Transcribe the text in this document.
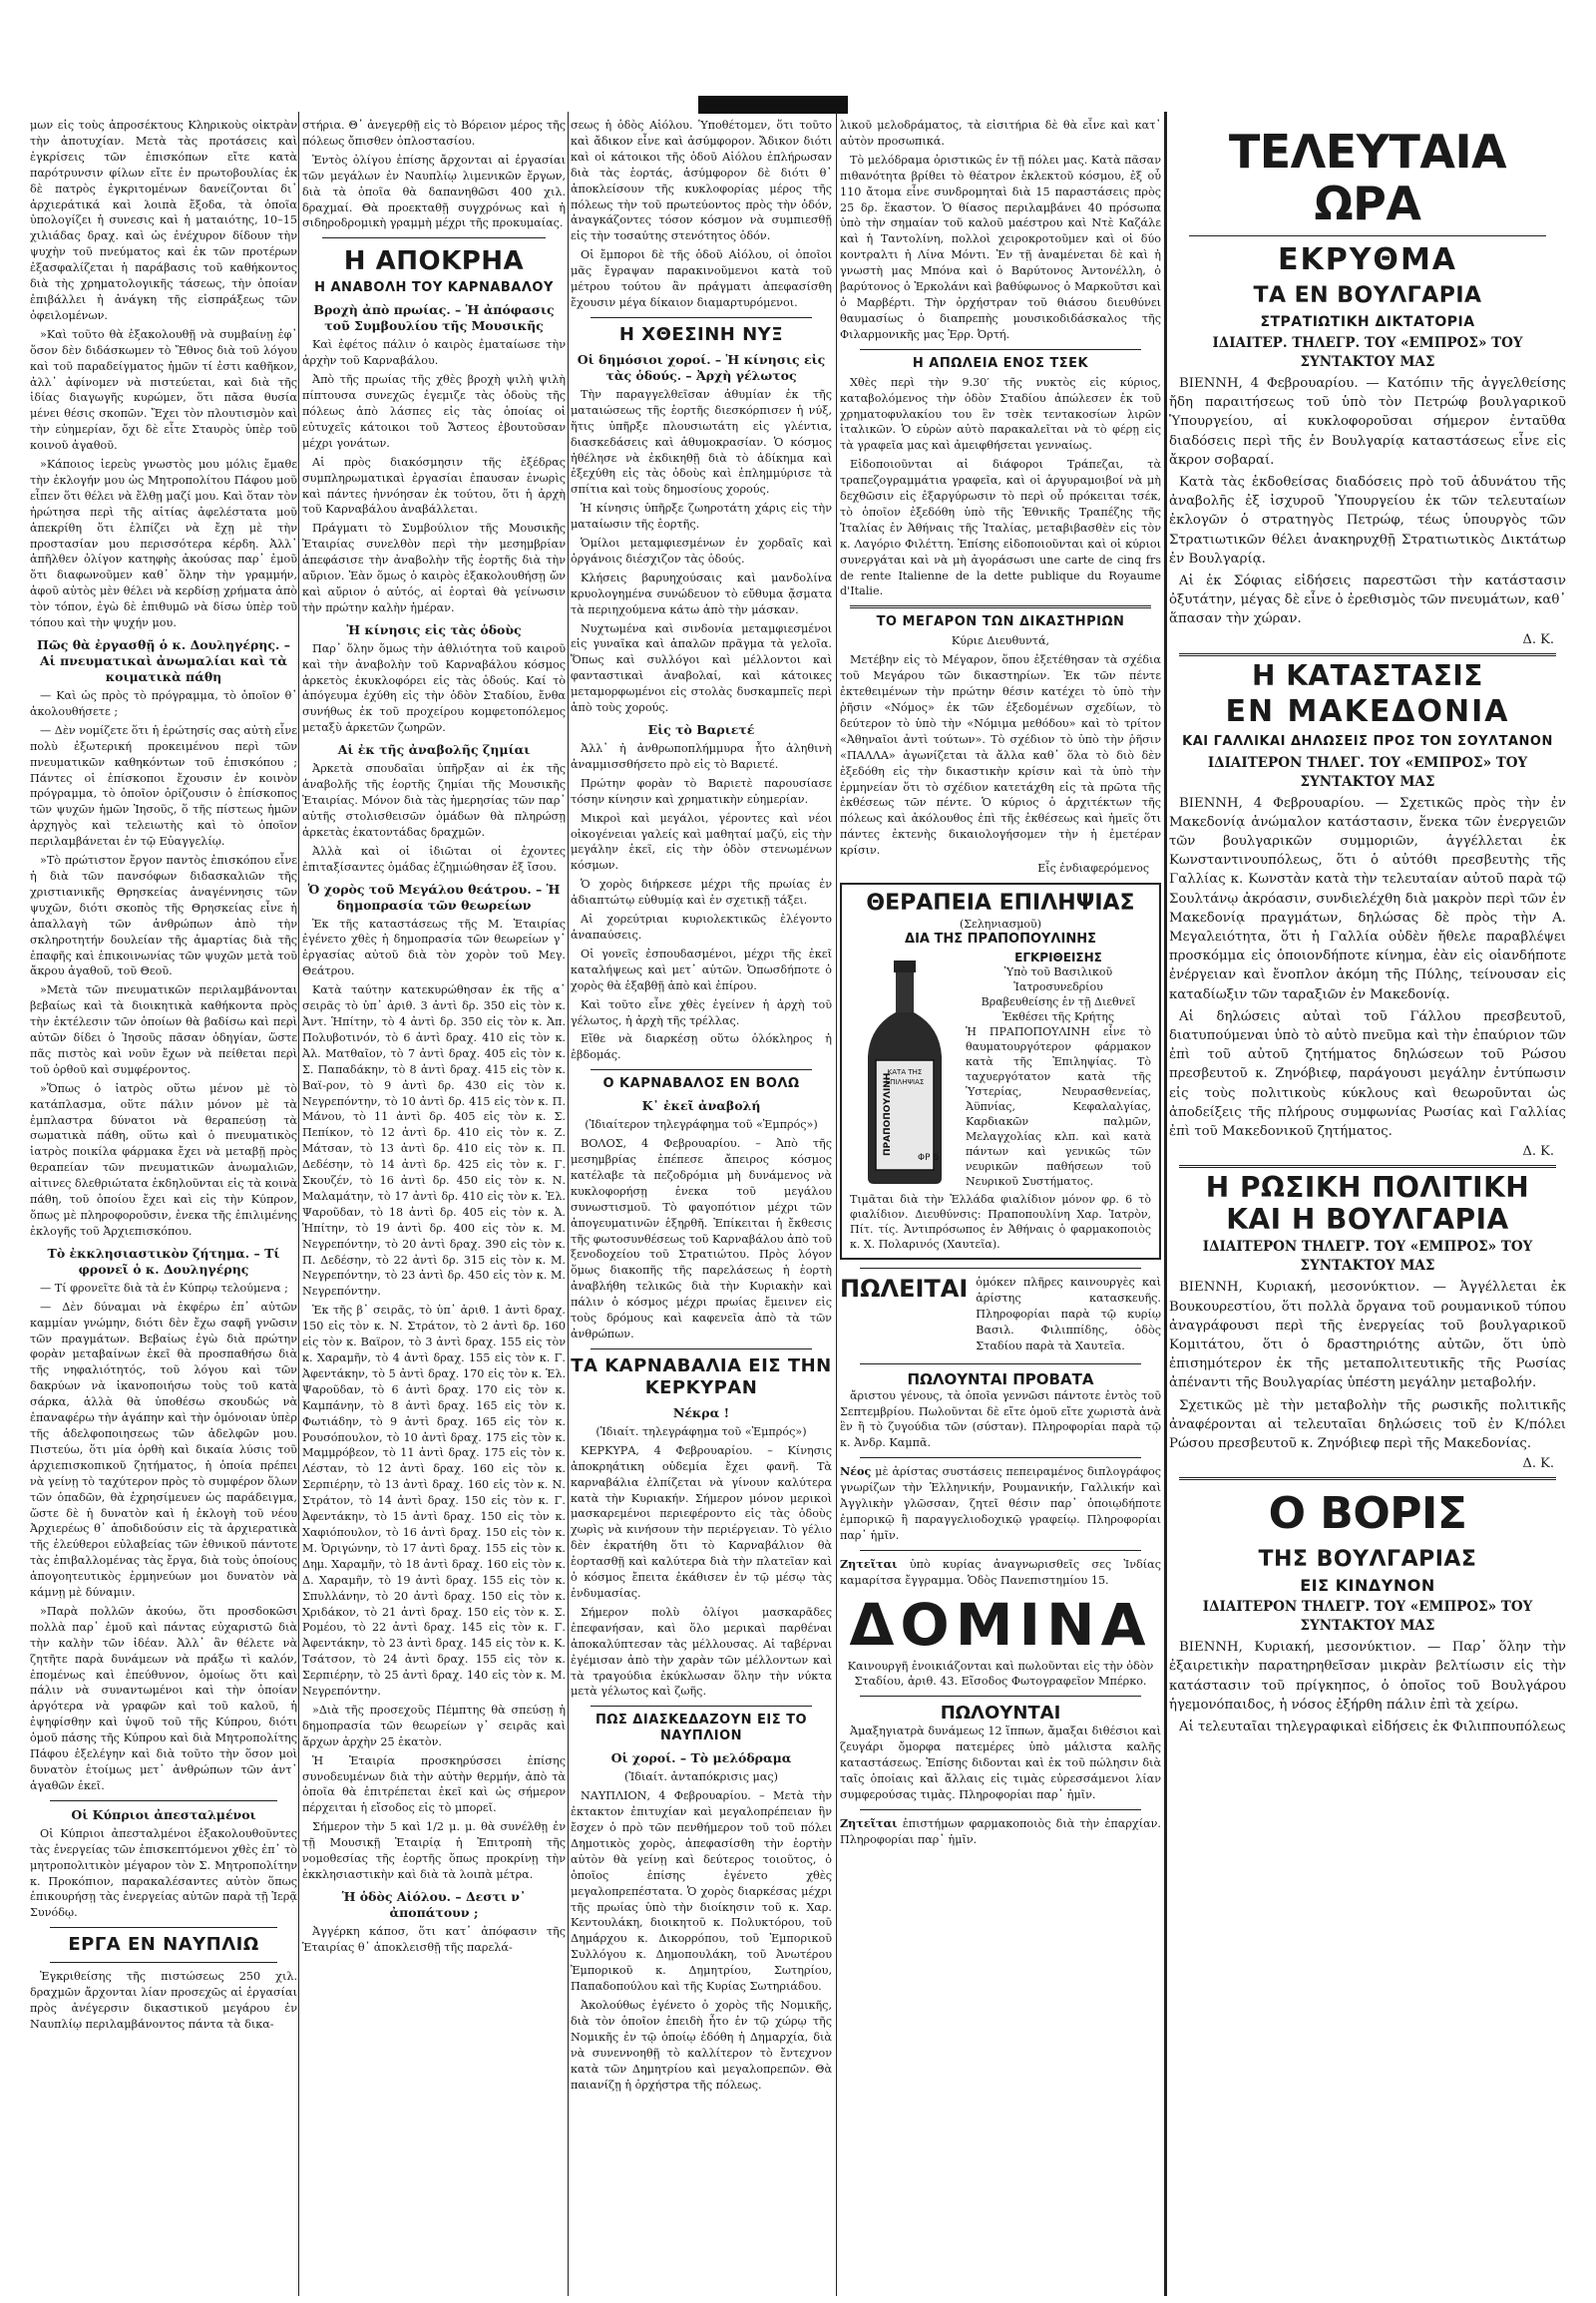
μων εἰς τοὺς ἀπροσέκτους Κληρικοὺς οἰκτρὰν τὴν ἀποτυχίαν. Μετὰ τὰς προτάσεις καὶ ἐγκρίσεις τῶν ἐπισκόπων εἴτε κατὰ παρότρυνσιν φίλων εἴτε ἐν πρωτοβουλίας ἐκ δὲ πατρὸς ἐγκριτομένων δανείζονται δι᾽ ἀρχιεράτικά καὶ λοιπὰ ἔξοδα, τὰ ὁποῖα ὑπολογίζει ἡ συνεσις καὶ ἡ ματαιότης, 10–15 χιλιάδας δραχ. καὶ ὡς ἐνέχυρον δίδουν τὴν ψυχὴν τοῦ πνεύματος καὶ ἐκ τῶν προτέρων ἐξασφαλίζεται ἡ παράβασις τοῦ καθήκοντος διὰ τὴς χρηματολογικῆς τάσεως, τὴν ὁποίαν ἐπιβάλλει ἡ ἀνάγκη τῆς εἰσπράξεως τῶν ὀφειλομένων.

»Καὶ τοῦτο θὰ ἐξακολουθῇ νὰ συμβαίνῃ ἐφ᾽ ὅσον δὲν διδάσκωμεν τὸ Ἔθνος διὰ τοῦ λόγου καὶ τοῦ παραδείγματος ἡμῶν τί ἐστι καθῆκον, ἀλλ᾽ ἀφίνομεν νὰ πιστεύεται, καὶ διὰ τῆς ἰδίας διαγωγῆς κυρώμεν, ὅτι πᾶσα θυσία μένει θέσις σκοπῶν. Ἔχει τὸν πλουτισμὸν καὶ τὴν εὐημερίαν, ὄχι δὲ εἶτε Σταυρὸς ὑπὲρ τοῦ κοινοῦ ἀγαθοῦ.

»Κάποιος ἱερεὺς γνωστὸς μου μόλις ἔμαθε τὴν ἐκλογήν μου ὡς Μητροπολίτου Πάφου μοῦ εἶπεν ὅτι θέλει νὰ ἔλθῃ μαζί μου. Καὶ ὅταν τὸν ἠρώτησα περὶ τῆς αἰτίας ἀφελέστατα μοῦ ἀπεκρίθη ὅτι ἐλπίζει νὰ ἔχῃ μὲ τὴν προστασίαν μου περισσότερα κέρδη. Ἀλλ᾽ ἀπῆλθεν ὀλίγον κατηφὴς ἀκούσας παρ᾽ ἐμοῦ ὅτι διαφωνοῦμεν καθ᾽ ὅλην τὴν γραμμήν, ἀφοῦ αὐτὸς μὲν θέλει νὰ κερδίσῃ χρήματα ἀπὸ τὸν τόπον, ἐγὼ δὲ ἐπιθυμῶ νὰ δίσω ὑπὲρ τοῦ τόπου καὶ τὴν ψυχήν μου.

Πῶς θὰ ἐργασθῇ ὁ κ. Δουληγέρης. – Αἱ πνευματικαὶ ἀνωμαλίαι καὶ τὰ κοιματικὰ πάθη

— Καὶ ὡς πρὸς τὸ πρόγραμμα, τὸ ὁποῖον θ᾽ ἀκολουθήσετε ;

— Δὲν νομίζετε ὅτι ἡ ἐρώτησίς σας αὐτὴ εἶνε πολὺ ἐξωτερική προκειμένου περὶ τῶν πνευματικῶν καθηκόντων τοῦ ἐπισκόπου ; Πάντες οἱ ἐπίσκοποι ἔχουσιν ἐν κοινὸν πρόγραμμα, τὸ ὁποῖον ὁρίζουσιν ὁ ἐπίσκοπος τῶν ψυχῶν ἡμῶν Ἰησοῦς, ὅ τῆς πίστεως ἡμῶν ἀρχηγὸς καὶ τελειωτὴς καὶ τὸ ὁποῖον περιλαμβάνεται ἐν τῷ Εὐαγγελίῳ.

»Τὸ πρώτιστον ἔργον παντὸς ἐπισκόπου εἶνε ἡ διὰ τῶν πανσόφων διδασκαλιῶν τῆς χριστιανικῆς Θρησκείας ἀναγέννησις τῶν ψυχῶν, διότι σκοπὸς τῆς Θρησκείας εἶνε ἡ ἀπαλλαγὴ τῶν ἀνθρώπων ἀπὸ τὴν σκληροτητήν δουλείαν τῆς ἁμαρτίας διὰ τῆς ἐπαφῆς καὶ ἐπικοινωνίας τῶν ψυχῶν μετὰ τοῦ ἄκρου ἀγαθοῦ, τοῦ Θεοῦ.

»Μετὰ τῶν πνευματικῶν περιλαμβάνονται βεβαίως καὶ τὰ διοικητικὰ καθήκοντα πρὸς τὴν ἐκτέλεσιν τῶν ὁποίων θὰ βαδίσω καὶ περὶ αὐτῶν δίδει ὁ Ἰησοῦς πᾶσαν ὁδηγίαν, ὥστε πᾶς πιστὸς καὶ νοῦν ἔχων νὰ πείθεται περὶ τοῦ ὀρθοῦ καὶ συμφέροντος.

»Ὅπως ὁ ἰατρὸς οὕτω μένον μὲ τὸ κατάπλασμα, οὕτε πάλιν μόνον μὲ τὰ ἐμπλαστρα δύνατοι νὰ θεραπεύσῃ τὰ σωματικὰ πάθη, οὕτω καὶ ὁ πνευματικὸς ἰατρὸς ποικίλα φάρμακα ἔχει νὰ μεταβῇ πρὸς θεραπείαν τῶν πνευματικῶν ἀνωμαλιῶν, αἱτινες δλεθριώτατα ἐκδηλοῦνται εἰς τὰ κοινὰ πάθη, τοῦ ὁποίου ἔχει καὶ εἰς τὴν Κύπρον, ὅπως μὲ πληροφοροῦσιν, ἐνεκα τῆς ἐπιλιμένης ἐκλογῆς τοῦ Ἀρχιεπισκόπου.

Τὸ ἐκκλησιαστικὸν ζήτημα. – Τί φρονεῖ ὁ κ. Δουληγέρης

— Τί φρονεῖτε διὰ τὰ ἐν Κύπρῳ τελούμενα ;

— Δὲν δύναμαι νὰ ἐκφέρω ἐπ᾽ αὐτῶν καμμίαν γνώμην, διότι δὲν ἔχω σαφῆ γνῶσιν τῶν πραγμάτων. Βεβαίως ἐγὼ διὰ πρώτην φορὰν μεταβαίνων ἐκεῖ θὰ προσπαθήσω διὰ τῆς νηφαλιότητός, τοῦ λόγου καὶ τῶν δακρύων νὰ ἱκανοποιήσω τοὺς τοῦ κατὰ σάρκα, ἀλλὰ θὰ ὑποθέσω σκουδώς νὰ ἐπαναφέρω τὴν ἀγάπην καὶ τὴν ὁμόνοιαν ὑπὲρ τῆς ἀδελφοποιησεως τῶν ἀδελφῶν μου. Πιστεύω, ὅτι μία ὁρθὴ καὶ δικαία λύσις τοῦ ἀρχιεπισκοπικοῦ ζητήματος, ἡ ὁποία πρέπει νὰ γείνῃ τὸ ταχύτερον πρὸς τὸ συμφέρον ὅλων τῶν ὁπαδῶν, θὰ ἐχρησίμευεν ὡς παράδειγμα, ὥστε δὲ ἡ δυνατὸν καὶ ἡ ἐκλογὴ τοῦ νέου Ἀρχιερέως θ᾽ ἀποδιδούσιν εἰς τὰ ἀρχιερατικὰ τῆς ἐλεύθεροι εὐλαβείας τῶν ἐθνικοῦ πάντοτε τὰς ἐπιβαλλομένας τὰς ἔργα, διὰ τοὺς ὁποίους ἀπογοητευτικὸς ἐρμηνεύων μοι δυνατὸν νὰ κάμνῃ μὲ δύναμιν.

»Παρὰ πολλῶν ἀκούω, ὅτι προσδοκῶσι πολλὰ παρ᾽ ἐμοῦ καὶ πάντας εὐχαριστῶ διὰ τὴν καλὴν τῶν ἰδέαν. Ἀλλ᾽ ἂν θέλετε νὰ ζητῆτε παρὰ δυνάμεων νὰ πράξω τὶ καλόν, ἐπομένως καὶ ἐπεύθυνον, ὁμοίως ὅτι καὶ πάλιν νὰ συναντωμένοι καὶ τὴν ὁποίαν ἀργότερα νὰ γραφῶν καὶ τοῦ καλοῦ, ἡ ἐψηφίσθην καὶ ὑψοῦ τοῦ τῆς Κύπρου, διότι ὁμοῦ πάσης τῆς Κύπρου καὶ διὰ Μητροπολίτης Πάφου ἐξελέγην καὶ διὰ τοῦτο τὴν ὅσον μοὶ δυνατὸν ἑτοίμως μετ᾽ ἀνθρώπων τῶν ἀντ᾽ ἀγαθῶν ἐκεῖ.

Οἱ Κύπριοι ἀπεσταλμένοι

Οἱ Κύπριοι ἀπεσταλμένοι ἐξακολουθοῦντες τὰς ἐνεργείας τῶν ἐπισκεπτόμενοι χθὲς ἐπ᾽ τὸ μητροπολιτικὸν μέγαρον τὸν Σ. Μητροπολίτην κ. Προκόπιον, παρακαλέσαντες αὐτὸν ὅπως ἐπικουρήσῃ τὰς ἐνεργείας αὐτῶν παρὰ τῇ Ἱερᾷ Συνόδῳ.

ΕΡΓΑ ΕΝ ΝΑΥΠΛΙΩ

Ἐγκριθείσης τῆς πιστώσεως 250 χιλ. δραχμῶν ἄρχονται λίαν προσεχῶς αἱ ἐργασίαι πρὸς ἀνέγερσιν δικαστικοῦ μεγάρου ἐν Ναυπλίῳ περιλαμβάνοντος πάντα τὰ δικα-

στήρια. Θ᾽ ἀνεγερθῇ εἰς τὸ Βόρειον μέρος τῆς πόλεως ὄπισθεν ὁπλοστασίου.

Ἐντὸς ὀλίγου ἐπίσης ἄρχονται αἱ ἐργασίαι τῶν μεγάλων ἐν Ναυπλίῳ λιμενικῶν ἔργων, διὰ τὰ ὁποῖα θὰ δαπανηθῶσι 400 χιλ. δραχμαί. Θὰ προεκταθῇ συγχρόνως καὶ ἡ σιδηροδρομικὴ γραμμὴ μέχρι τῆς προκυμαίας.

Η ΑΠΟΚΡΗΑ
Η ΑΝΑΒΟΛΗ ΤΟΥ ΚΑΡΝΑΒΑΛΟΥ
Βροχὴ ἀπὸ πρωίας. – Ἡ ἀπόφασις τοῦ Συμβουλίου τῆς Μουσικῆς

Καὶ ἐφέτος πάλιν ὁ καιρὸς ἐματαίωσε τὴν ἀρχὴν τοῦ Καρναβάλου.

Ἀπὸ τῆς πρωίας τῆς χθὲς βροχὴ ψιλὴ ψιλὴ πίπτουσα συνεχῶς ἐγεμιζε τὰς ὁδοὺς τῆς πόλεως ἀπὸ λάσπες εἰς τὰς ὁποίας οἱ εὐτυχεῖς κάτοικοι τοῦ Ἄστεος ἐβουτοῦσαν μέχρι γονάτων.

Αἱ πρὸς διακόσμησιν τῆς ἐξέδρας συμπληρωματικαὶ ἐργασίαι ἐπαυσαν ἐνωρὶς καὶ πάντες ἠννόησαν ἐκ τούτου, ὅτι ἡ ἀρχὴ τοῦ Καρναβάλου ἀναβάλλεται.

Πράγματι τὸ Συμβούλιον τῆς Μουσικῆς Ἑταιρίας συνελθὸν περὶ τὴν μεσημβρίαν ἀπεφάσισε τὴν ἀναβολὴν τῆς ἑορτῆς διὰ τὴν αὔριον. Ἐὰν ὅμως ὁ καιρὸς ἐξακολουθήσῃ ὤν καὶ αὔριον ὁ αὐτός, αἱ ἑορταὶ θὰ γείνωσιν τὴν πρώτην καλὴν ἡμέραν.

Ἡ κίνησις εἰς τὰς ὁδοὺς

Παρ᾽ ὅλην ὅμως τὴν ἀθλιότητα τοῦ καιροῦ καὶ τὴν ἀναβολὴν τοῦ Καρναβάλου κόσμος ἀρκετὸς ἐκυκλοφόρει εἰς τὰς ὁδούς. Καί τὸ ἀπόγευμα ἐχύθη εἰς τὴν ὁδὸν Σταδίου, ἔνθα συνήθως ἐκ τοῦ προχείρου κομφετοπόλεμος μεταξὺ ἀρκετῶν ζωηρῶν.

Αἱ ἐκ τῆς ἀναβολῆς ζημίαι

Ἀρκετὰ σπουδαῖαι ὑπῆρξαν αἱ ἐκ τῆς ἀναβολῆς τῆς ἑορτῆς ζημίαι τῆς Μουσικῆς Ἑταιρίας. Μόνον διὰ τὰς ἡμερησίας τῶν παρ᾽ αὐτῆς στολισθεισῶν ὁμάδων θὰ πληρώσῃ ἀρκετὰς ἑκατοντάδας δραχμῶν.

Ἀλλὰ καὶ οἱ ἰδιῶται οἱ ἐχοντες ἐπιταξίσαντες ὁμάδας ἐζημιώθησαν ἐξ ἴσου.

Ὁ χορὸς τοῦ Μεγάλου θεάτρου. – Ἡ δημοπρασία τῶν θεωρείων

Ἐκ τῆς καταστάσεως τῆς Μ. Ἑταιρίας ἐγένετο χθὲς ἡ δημοπρασία τῶν θεωρείων γ᾽ ἐργασίας αὐτοῦ διὰ τὸν χορὸν τοῦ Μεγ. Θεάτρου.

Κατὰ ταύτην κατεκυρώθησαν ἐκ τῆς α᾽ σειρᾶς τὸ ὑπ᾽ ἀριθ. 3 ἀντὶ δρ. 350 εἰς τὸν κ. Ἀντ. Ἡπίτην, τὸ 4 ἀντὶ δρ. 350 εἰς τὸν κ. Ἀπ. Πολυβοτινόν, τὸ 6 ἀντὶ δραχ. 410 εἰς τὸν κ. Ἀλ. Ματθαῖον, τὸ 7 ἀντὶ δραχ. 405 εἰς τὸν κ. Σ. Παπαδάκην, τὸ 8 ἀντὶ δραχ. 415 εἰς τὸν κ. Βαϊ-ρον, τὸ 9 ἀντὶ δρ. 430 εἰς τὸν κ. Νεγρεπόντην, τὸ 10 ἀντὶ δρ. 415 εἰς τὸν κ. Π. Μάνου, τὸ 11 ἀντὶ δρ. 405 εἰς τὸν κ. Σ. Πεπίκον, τὸ 12 ἀντὶ δρ. 410 εἰς τὸν κ. Ζ. Μάτσαν, τὸ 13 ἀντὶ δρ. 410 εἰς τὸν κ. Π. Δεδέσην, τὸ 14 ἀντὶ δρ. 425 εἰς τὸν κ. Γ. Σκουζέν, τὸ 16 ἀντὶ δρ. 450 εἰς τὸν κ. Ν. Μαλαμάτην, τὸ 17 ἀντὶ δρ. 410 εἰς τὸν κ. Ἑλ. Ψαροῦδαν, τὸ 18 ἀντὶ δρ. 405 εἰς τὸν κ. Ἀ. Ἡπίτην, τὸ 19 ἀντὶ δρ. 400 εἰς τὸν κ. Μ. Νεγρεπόντην, τὸ 20 ἀντὶ δραχ. 390 εἰς τὸν κ. Π. Δεδέσην, τὸ 22 ἀντὶ δρ. 315 εἰς τὸν κ. Μ. Νεγρεπόντην, τὸ 23 ἀντὶ δρ. 450 εἰς τὸν κ. Μ. Νεγρεπόντην.

Ἐκ τῆς β᾽ σειρᾶς, τὸ ὑπ᾽ ἀριθ. 1 ἀντὶ δραχ. 150 εἰς τὸν κ. Ν. Στράτον, τὸ 2 ἀντὶ δρ. 160 εἰς τὸν κ. Βαϊρον, τὸ 3 ἀντὶ δραχ. 155 εἰς τὸν κ. Χαραμῆν, τὸ 4 ἀντὶ δραχ. 155 εἰς τὸν κ. Γ. Ἀφεντάκην, τὸ 5 ἀντὶ δραχ. 170 εἰς τὸν κ. Ἑλ. Ψαροῦδαν, τὸ 6 ἀντὶ δραχ. 170 εἰς τὸν κ. Καμπάνην, τὸ 8 ἀντὶ δραχ. 165 εἰς τὸν κ. Φωτιάδην, τὸ 9 ἀντὶ δραχ. 165 εἰς τὸν κ. Ρουσόπουλον, τὸ 10 ἀντὶ δραχ. 175 εἰς τὸν κ. Μαμμρόβεον, τὸ 11 ἀντὶ δραχ. 175 εἰς τὸν κ. Λέσταν, τὸ 12 ἀντὶ δραχ. 160 εἰς τὸν κ. Σερπιέρην, τὸ 13 ἀντὶ δραχ. 160 εἰς τὸν κ. Ν. Στράτον, τὸ 14 ἀντὶ δραχ. 150 εἰς τὸν κ. Γ. Ἀφεντάκην, τὸ 15 ἀντὶ δραχ. 150 εἰς τὸν κ. Χαφιόπουλον, τὸ 16 ἀντὶ δραχ. 150 εἰς τὸν κ. Μ. Ὀριγώνην, τὸ 17 ἀντὶ δραχ. 155 εἰς τὸν κ. Δημ. Χαραμῆν, τὸ 18 ἀντὶ δραχ. 160 εἰς τὸν κ. Δ. Χαραμῆν, τὸ 19 ἀντὶ δραχ. 155 εἰς τὸν κ. Σπυλλάνην, τὸ 20 ἀντὶ δραχ. 150 εἰς τὸν κ. Χριδάκον, τὸ 21 ἀντὶ δραχ. 150 εἰς τὸν κ. Σ. Ρομέου, τὸ 22 ἀντὶ δραχ. 145 εἰς τὸν κ. Γ. Ἀφεντάκην, τὸ 23 ἀντὶ δραχ. 145 εἰς τὸν κ. Κ. Τσάτσον, τὸ 24 ἀντὶ δραχ. 155 εἰς τὸν κ. Σερπιέρην, τὸ 25 ἀντὶ δραχ. 140 εἰς τὸν κ. Μ. Νεγρεπόντην.

»Διὰ τῆς προσεχοῦς Πέμπτης θὰ σπεύσῃ ἡ δημοπρασία τῶν θεωρείων γ᾽ σειρᾶς καὶ ἄρχων ἀρχὴν 25 ἑκατὸν.

Ἡ Ἑταιρία προσκηρύσσει ἐπίσης συνοδευμένων διὰ τὴν αὐτὴν θερμήν, ἀπὸ τὰ ὁποῖα θὰ ἐπιτρέπεται ἐκεῖ καὶ ὡς σήμερον πέρχειται ἡ εἴσοδος εἰς τὸ μπορεῖ.

Σήμερον τὴν 5 καὶ 1/2 μ. μ. θὰ συνέλθῃ ἐν τῇ Μουσικῇ Ἑταιρίᾳ ἡ Ἐπιτροπὴ τῆς νομοθεσίας τῆς ἑορτῆς ὅπως προκρίνῃ τὴν ἐκκλησιαστικὴν καὶ διὰ τὰ λοιπὰ μέτρα.

Ἡ ὁδὸς Αἰόλου. – Δεστι ν᾽ ἀποπάτουν ;

Ἀγγέρκη κάποσ, ὅτι κατ᾽ ἀπόφασιν τῆς Ἑταιρίας θ᾽ ἀποκλεισθῇ τῆς παρελά-

σεως ἡ ὁδὸς Αἰόλου. Ὑποθέτομεν, ὅτι τοῦτο καὶ ἄδικον εἶνε καὶ ἀσύμφορον. Ἄδικον διότι καὶ οἱ κάτοικοι τῆς ὁδοῦ Αἰόλου ἐπλήρωσαν διὰ τὰς ἑορτάς, ἀσύμφορον δὲ διότι θ᾽ ἀποκλείσουν τῆς κυκλοφορίας μέρος τῆς πόλεως τὴν τοῦ πρωτεύοντος πρὸς τὴν ὁδόν, ἀναγκάζοντες τόσον κόσμον νὰ συμπιεσθῇ εἰς τὴν τοσαύτης στενότητος ὁδόν.

Οἱ ἔμποροι δὲ τῆς ὁδοῦ Αἰόλου, οἱ ὁποῖοι μᾶς ἔγραψαν παρακινοῦμενοι κατὰ τοῦ μέτρου τούτου ἂν πράγματι ἀπεφασίσθη ἔχουσιν μέγα δίκαιον διαμαρτυρόμενοι.

Η ΧΘΕΣΙΝΗ ΝΥΞ
Οἱ δημόσιοι χοροί. – Ἡ κίνησις εἰς τὰς ὁδούς. – Ἀρχὴ γέλωτος

Τὴν παραγγελθεῖσαν ἀθυμίαν ἐκ τῆς ματαιώσεως τῆς ἑορτῆς διεσκόρπισεν ἡ νύξ, ἥτις ὑπῆρξε πλουσιωτάτη εἰς γλέντια, διασκεδάσεις καὶ ἀθυμοκρασίαν. Ὁ κόσμος ἠθέλησε νὰ ἐκδικηθῇ διὰ τὸ ἀδίκημα καὶ ἐξεχύθη εἰς τὰς ὁδοὺς καὶ ἐπλημμύρισε τὰ σπίτια καὶ τοὺς δημοσίους χορούς.

Ἡ κίνησις ὑπῆρξε ζωηροτάτη χάρις εἰς τὴν ματαίωσιν τῆς ἑορτῆς.

Ὁμίλοι μεταμφιεσμένων ἐν χορδαῖς καὶ ὀργάνοις διέσχιζον τὰς ὁδούς.

Κλήσεις βαρυηχούσαις καὶ μανδολίνα κρυολογημένα συνώδευον τὸ εὔθυμα ᾄσματα τὰ περιηχούμενα κάτω ἀπὸ τὴν μάσκαν.

Νυχτωμένα καὶ σινδονία μεταμφιεσμένοι εἰς γυναῖκα καὶ ἀπαλῶν πρᾶγμα τὰ γελοῖα. Ὅπως καὶ συλλόγοι καὶ μέλλοντοι καὶ φανταστικαὶ ἀναβολαί, καὶ κάτοικες μεταμορφωμένοι εἰς στολὰς δυσκαμπεῖς περὶ ἀπὸ τοὺς χορούς.

Εἰς τὸ Βαριετέ

Ἀλλ᾽ ἡ ἀνθρωποπλήμμυρα ἦτο ἀληθινὴ ἀναμμισσθήσετο πρὸ εἰς τὸ Βαριετέ.

Πρώτην φορὰν τὸ Βαριετὲ παρουσίασε τόσην κίνησιν καὶ χρηματικὴν εὐημερίαν.

Μικροὶ καὶ μεγάλοι, γέροντες καὶ νέοι οἰκογένειαι γαλείς καὶ μαθηταί μαζύ, εἰς τὴν μεγάλην ἐκεῖ, εἰς τὴν ὁδὸν στενωμένων κόσμων.

Ὁ χορὸς διήρκεσε μέχρι τῆς πρωίας ἐν ἀδιαπτώτῳ εὐθυμίᾳ καὶ ἐν σχετικῇ τάξει.

Αἱ χορεύτριαι κυριολεκτικῶς ἐλέγοντο ἀναπαύσεις.

Οἱ γονεῖς ἐσπουδασμένοι, μέχρι τῆς ἐκεῖ καταλήψεως καὶ μετ᾽ αὐτῶν. Ὀπωσδήποτε ὁ χορὸς θὰ ἐξαβθῇ ἀπὸ καὶ ἐπίρου.

Καὶ τοῦτο εἶνε χθὲς ἐγείνεν ἡ ἀρχὴ τοῦ γέλωτος, ἡ ἀρχὴ τῆς τρέλλας.

Εἴθε νὰ διαρκέσῃ οὕτω ὁλόκληρος ἡ ἑβδομάς.

Ο ΚΑΡΝΑΒΑΛΟΣ ΕΝ ΒΟΛΩ
Κ᾽ ἐκεῖ ἀναβολή
(Ἰδιαίτερον τηλεγράφημα τοῦ «Ἐμπρός»)

ΒΟΛΟΣ, 4 Φεβρουαρίου. – Ἀπὸ τῆς μεσημβρίας ἐπέπεσε ἄπειρος κόσμος κατέλαβε τὰ πεζοδρόμια μὴ δυνάμενος νὰ κυκλοφορήσῃ ἐνεκα τοῦ μεγάλου συνωστισμοῦ. Τὸ φαγοπότιον μέχρι τῶν ἀπογευματινῶν ἐξηρθῆ. Ἐπίκειται ἡ ἔκθεσις τῆς φωτοσυνθέσεως τοῦ Καρναβάλου ἀπὸ τοῦ ξενοδοχείου τοῦ Στρατιώτου. Πρὸς λόγον ὅμως διακοπῆς τῆς παρελάσεως ἡ ἑορτὴ ἀναβλήθη τελικῶς διὰ τὴν Κυριακὴν καὶ πάλιν ὁ κόσμος μέχρι πρωίας ἔμεινεν εἰς τοὺς δρόμους καὶ καφενεῖα ἀπὸ τὰ τῶν ἀνθρώπων.

ΤΑ ΚΑΡΝΑΒΑΛΙΑ ΕΙΣ ΤΗΝ ΚΕΡΚΥΡΑΝ
Νέκρα !
(Ἰδιαίτ. τηλεγράφημα τοῦ «Ἐμπρός»)

ΚΕΡΚΥΡΑ, 4 Φεβρουαρίου. – Κίνησις ἀποκρηάτικη οὐδεμία ἔχει φανῆ. Τὰ καρναβάλια ἐλπίζεται νὰ γίνουν καλύτερα κατὰ τὴν Κυριακήν. Σήμερον μόνον μερικοὶ μασκαρεμένοι περιεφέροντο εἰς τὰς ὁδοὺς χωρὶς νὰ κινήσουν τὴν περιέργειαν. Τὸ γέλιο δὲν ἐκρατήθη ὅτι τὸ Καρναβάλιον θὰ ἑορτασθῇ καὶ καλύτερα διὰ τὴν πλατεῖαν καὶ ὁ κόσμος ἔπειτα ἐκάθισεν ἐν τῷ μέσῳ τὰς ἐνδυμασίας.

Σήμερον πολὺ ὀλίγοι μασκαρᾶδες ἐπεφανήσαν, καὶ ὅλο μερικαὶ παρθέναι ἀποκαλύπτεσαν τὰς μέλλουσας. Αἱ ταβέρναι ἐγέμισαν ἀπὸ τὴν χαρὰν τῶν μέλλοντων καὶ τὰ τραγούδια ἐκύκλωσαν ὅλην τὴν νύκτα μετὰ γέλωτος καὶ ζωῆς.

ΠΩΣ ΔΙΑΣΚΕΔΑΖΟΥΝ ΕΙΣ ΤΟ ΝΑΥΠΛΙΟΝ
Οἱ χοροί. – Τὸ μελόδραμα
(Ἰδιαίτ. ἀνταπόκρισις μας)

ΝΑΥΠΛΙΟΝ, 4 Φεβρουαρίου. – Μετὰ τὴν ἐκτακτον ἐπιτυχίαν καὶ μεγαλοπρέπειαν ἣν ἔσχεν ὁ πρὸ τῶν πενθήμερον τοῦ τοῦ πόλει Δημοτικὸς χορὸς, ἀπεφασίσθη τὴν ἑορτὴν αὐτὸν θὰ γείνῃ καὶ δεύτερος τοιοῦτος, ὁ ὁποῖος ἐπίσης ἐγένετο χθὲς μεγαλοπρεπέστατα. Ὁ χορὸς διαρκέσας μέχρι τῆς πρωίας ὑπὸ τὴν διοίκησιν τοῦ κ. Χαρ. Κεντουλάκη, διοικητοῦ κ. Πολυκτόρου, τοῦ Δημάρχου κ. Δικορρόπου, τοῦ Ἐμπορικοῦ Συλλόγου κ. Δημοπουλάκη, τοῦ Ἀνωτέρου Ἐμπορικοῦ κ. Δημητρίου, Σωτηρίου, Παπαδοπούλου καὶ τῆς Κυρίας Σωτηριάδου.

Ἀκολούθως ἐγένετο ὁ χορὸς τῆς Νομικῆς, διὰ τὸν ὁποῖον ἐπειδὴ ἦτο ἐν τῷ χώρῳ τῆς Νομικῆς ἐν τῷ ὁποίῳ ἐδόθη ἡ Δημαρχία, διὰ νὰ συνεννοηθῇ τὸ καλλίτερον τὸ ἔντεχνον κατὰ τῶν Δημητρίου καὶ μεγαλοπρεπῶν. Θὰ παιανίζῃ ἡ ὀρχήστρα τῆς πόλεως.

λικοῦ μελοδράματος, τὰ εἰσιτήρια δὲ θὰ εἶνε καὶ κατ᾽ αὐτὸν προσωπικά.

Τὸ μελόδραμα ὁριστικῶς ἐν τῇ πόλει μας. Κατὰ πᾶσαν πιθανότητα βρίθει τὸ θέατρον ἐκλεκτοῦ κόσμου, ἐξ οὗ 110 ἄτομα εἶνε συνδρομηταὶ διὰ 15 παραστάσεις πρὸς 25 δρ. ἕκαστον. Ὁ θίασος περιλαμβάνει 40 πρόσωπα ὑπὸ τὴν σημαίαν τοῦ καλοῦ μαέστρου καὶ Ντὲ Καζάλε καὶ ἡ Ταντολίνη, πολλοὶ χειροκροτοῦμεν καὶ οἱ δύο κοντραλτι ἡ Λίνα Μόντι. Ἐν τῇ ἀναμένεται δὲ καὶ ἡ γνωστὴ μας Μπόνα καὶ ὁ Βαρύτονος Ἀντονέλλη, ὁ βαρύτονος ὁ Ἐρκολάνι καὶ βαθύφωνος ὁ Μαρκοῦτσι καὶ ὁ Μαρβέρτι. Τὴν ὀρχήστραν τοῦ θιάσου διευθύνει θαυμασίως ὁ διαπρεπὴς μουσικοδιδάσκαλος τῆς Φιλαρμονικῆς μας Ἐρρ. Ὀρτή.

Η ΑΠΩΛΕΙΑ ΕΝΟΣ ΤΣΕΚ

Χθὲς περὶ τὴν 9.30′ τῆς νυκτὸς εἰς κύριος, καταβολόμενος τὴν ὁδὸν Σταδίου ἀπώλεσεν ἐκ τοῦ χρηματοφυλακίου του ἓν τσὲκ τεντακοσίων λιρῶν ἰταλικῶν. Ὁ εὑρὼν αὐτὸ παρακαλεῖται νὰ τὸ φέρῃ εἰς τὰ γραφεῖα μας καὶ ἀμειφθήσεται γενναίως.

Εἰδοποιοῦνται αἱ διάφοροι Τράπεζαι, τὰ τραπεζογραμμάτια γραφεῖα, καὶ οἱ ἀργυραμοιβοί νὰ μὴ δεχθῶσιν εἰς ἐξαργύρωσιν τὸ περὶ οὗ πρόκειται τσέκ, τὸ ὁποῖον ἐξεδόθη ὑπὸ τῆς Ἐθνικῆς Τραπέζης τῆς Ἰταλίας ἐν Ἀθήναις τῆς Ἰταλίας, μεταβιβασθὲν εἰς τὸν κ. Λαγόριο Φιλέττη. Ἐπίσης εἰδοποιοῦνται καὶ οἱ κύριοι συνεργάται καὶ νὰ μὴ ἀγοράσωσι une carte de cinq frs de rente Italienne de la dette publique du Royaume d'Italie.

ΤΟ ΜΕΓΑΡΟΝ ΤΩΝ ΔΙΚΑΣΤΗΡΙΩΝ
Κύριε Διευθυντά,

Μετέβην εἰς τὸ Μέγαρον, ὅπου ἐξετέθησαν τὰ σχέδια τοῦ Μεγάρου τῶν δικαστηρίων. Ἐκ τῶν πέντε ἐκτεθειμένων τὴν πρώτην θέσιν κατέχει τὸ ὑπὸ τὴν ῥῆσιν «Νόμος» ἐκ τῶν ἐξεδομένων σχεδίων, τὸ δεύτερον τὸ ὑπὸ τὴν «Νόμιμα μεθόδου» καὶ τὸ τρίτον «Ἀθηναῖοι ἀντὶ τούτων». Τὸ σχέδιον τὸ ὑπὸ τὴν ῥῆσιν «ΠΑΛΛΑ» ἀγωνίζεται τὰ ἄλλα καθ᾽ ὅλα τὸ διὸ δὲν ἐξεδόθη εἰς τὴν δικαστικὴν κρίσιν καὶ τὰ ὑπὸ τὴν ἐρμηνείαν ὅτι τὸ σχέδιον κατετάχθη εἰς τὰ πρῶτα τῆς ἐκθέσεως τῶν πέντε. Ὁ κύριος ὁ ἀρχιτέκτων τῆς πόλεως καὶ ἀκόλουθος ἐπὶ τῆς ἐκθέσεως καὶ ἡμεῖς ὅτι πάντες ἐκτενὴς δικαιολογήσομεν τὴν ἡ ἐμετέραν κρίσιν.

Εἷς ἐνδιαφερόμενος
ΘΕΡΑΠΕΙΑ ΕΠΙΛΗΨΙΑΣ
(Σεληνιασμοῦ)
ΔΙΑ ΤΗΣ ΠΡΑΠΟΠΟΥΛΙΝΗΣ
ΚΑΤΑ ΤΗΣ
ΕΠΙΛΗΨΙΑΣ
ΠΡΑΠΟΠΟΥΛΙΝΗ
ΦΡ 6
ΕΓΚΡΙΘΕΙΣΗΣ
Ὑπὸ τοῦ Βασιλικοῦ Ἰατροσυνεδρίου
Βραβευθείσης ἐν τῇ Διεθνεῖ Ἐκθέσει τῆς Κρήτης
Ἡ ΠΡΑΠΟΠΟΥΛΙΝΗ εἶνε τὸ θαυματουργότερον φάρμακον κατὰ τῆς Ἐπιληψίας. Τὸ ταχυεργότατον κατὰ τῆς Ὑστερίας, Νευρασθενείας, Ἀϋπνίας, Κεφαλαλγίας, Καρδιακῶν παλμῶν, Μελαγχολίας κλπ. καὶ κατὰ πάντων καὶ γενικῶς τῶν νευρικῶν παθήσεων τοῦ Νευρικοῦ Συστήματος.
Τιμᾶται διὰ τὴν Ἑλλάδα φιαλίδιον μόνον φρ. 6 τὸ φιαλίδιον. Διευθύνσις: Πραποπουλίνη Χαρ. Ἰατρὸν, Πίτ. τίς. Ἀντιπρόσωπος ἐν Ἀθήναις ὁ φαρμακοποιὸς κ. Χ. Πολαρινός (Χαυτεῖα).
ΠΩΛΕΙΤΑΙ ὁμόκεν πλῆρες καινουργὲς καὶ ἀρίστης κατασκευῆς. Πληροφορίαι παρὰ τῷ κυρίῳ Βασιλ. Φιλιππίδης, ὁδὸς Σταδίου παρὰ τὰ Χαυτεῖα.
ΠΩΛΟΥΝΤΑΙ ΠΡΟΒΑΤΑ

ἄριστου γένους, τὰ ὁποῖα γεννῶσι πάντοτε ἐντὸς τοῦ Σεπτεμβρίου. Πωλοῦνται δὲ εἴτε ὁμοῦ εἴτε χωριστὰ ἀνὰ ἓν ἢ τὸ ζυγούδια τῶν (σύσταν). Πληροφορίαι παρὰ τῷ κ. Ἀνδρ. Καμπᾶ.

Νέος μὲ ἀρίστας συστάσεις πεπειραμένος διπλογράφος γνωρίζων τὴν Ἑλληνικήν, Ρουμανικήν, Γαλλικήν καὶ Ἀγγλικὴν γλῶσσαν, ζητεῖ θέσιν παρ᾽ ὁποιῳδήποτε ἐμπορικῷ ἢ παραγγελιοδοχικῷ γραφείῳ. Πληροφορίαι παρ᾽ ἡμῖν.

Ζητεῖται ὑπὸ κυρίας ἀναγνωρισθεῖς σες Ἰνδίας καμαρίτσα ἔγγραμμα. Ὁδὸς Πανεπιστημίου 15.

ΔΟΜΙΝΑ

Καινουργῆ ἐνοικιάζονται καὶ πωλοῦνται εἰς τὴν ὁδὸν Σταδίου, ἀριθ. 43. Εἴσοδος Φωτογραφεῖον Μπέρκο.

ΠΩΛΟΥΝΤΑΙ

Ἀμαξηγιατρὰ δυνάμεως 12 ἵππων, ἄμαξαι διθέσιοι καὶ ζευγάρι ὄμορφα πατεμέρες ὑπὸ μάλιστα καλῆς καταστάσεως. Ἐπίσης διδονται καὶ ἐκ τοῦ πώλησιν διὰ ταῖς ὁποίαις καὶ ἄλλαις εἰς τιμὰς εὐρεσσάμενοι λίαν συμφερούσας τιμὰς. Πληροφορίαι παρ᾽ ἡμῖν.

Ζητεῖται ἐπιστήμων φαρμακοποιὸς διὰ τὴν ἐπαρχίαν. Πληροφορίαι παρ᾽ ἡμῖν.

ΤΕΛΕΥΤΑΙΑ ΩΡΑ
ΕΚΡΥΘΜΑ
ΤΑ ΕΝ ΒΟΥΛΓΑΡΙΑ
ΣΤΡΑΤΙΩΤΙΚΗ ΔΙΚΤΑΤΟΡΙΑ
ΙΔΙΑΙΤΕΡ. ΤΗΛΕΓΡ. ΤΟΥ «ΕΜΠΡΟΣ» ΤΟΥ ΣΥΝΤΑΚΤΟΥ ΜΑΣ

ΒΙΕΝΝΗ, 4 Φεβρουαρίου. — Κατόπιν τῆς ἀγγελθείσης ἤδη παραιτήσεως τοῦ ὑπὸ τὸν Πετρώφ βουλγαρικοῦ Ὑπουργείου, αἱ κυκλοφοροῦσαι σήμερον ἐνταῦθα διαδόσεις περὶ τῆς ἐν Βουλγαρίᾳ καταστάσεως εἶνε εἰς ἄκρον σοβαραί.

Κατὰ τὰς ἐκδοθείσας διαδόσεις πρὸ τοῦ ἀδυνάτου τῆς ἀναβολῆς ἐξ ἰσχυροῦ Ὑπουργείου ἐκ τῶν τελευταίων ἐκλογῶν ὁ στρατηγὸς Πετρώφ, τέως ὑπουργὸς τῶν Στρατιωτικῶν θέλει ἀνακηρυχθῇ Στρατιωτικὸς Δικτάτωρ ἐν Βουλγαρίᾳ.

Αἱ ἐκ Σόφιας εἰδήσεις παρεστῶσι τὴν κατάστασιν ὀξυτάτην, μέγας δὲ εἶνε ὁ ἐρεθισμὸς τῶν πνευμάτων, καθ᾽ ἅπασαν τὴν χώραν.

Δ. Κ.
Η ΚΑΤΑΣΤΑΣΙΣ
ΕΝ ΜΑΚΕΔΟΝΙΑ
ΚΑΙ ΓΑΛΛΙΚΑΙ ΔΗΛΩΣΕΙΣ ΠΡΟΣ ΤΟΝ ΣΟΥΛΤΑΝΟΝ
ΙΔΙΑΙΤΕΡΟΝ ΤΗΛΕΓ. ΤΟΥ «ΕΜΠΡΟΣ» ΤΟΥ ΣΥΝΤΑΚΤΟΥ ΜΑΣ

ΒΙΕΝΝΗ, 4 Φεβρουαρίου. — Σχετικῶς πρὸς τὴν ἐν Μακεδονίᾳ ἀνώμαλον κατάστασιν, ἕνεκα τῶν ἐνεργειῶν τῶν βουλγαρικῶν συμμοριῶν, ἀγγέλλεται ἐκ Κωνσταντινουπόλεως, ὅτι ὁ αὐτόθι πρεσβευτὴς τῆς Γαλλίας κ. Κωνστὰν κατὰ τὴν τελευταίαν αὐτοῦ παρὰ τῷ Σουλτάνῳ ἀκρόασιν, συνδιελέχθη διὰ μακρὸν περὶ τῶν ἐν Μακεδονίᾳ πραγμάτων, δηλώσας δὲ πρὸς τὴν Α. Μεγαλειότητα, ὅτι ἡ Γαλλία οὐδὲν ἤθελε παραβλέψει προσκόμμα εἰς ὁποιονδήποτε κίνημα, ἐὰν εἰς οἰανδήποτε ἐνέργειαν καὶ ἔνοπλον ἀκόμη τῆς Πύλης, τείνουσαν εἰς καταδίωξιν τῶν ταραξιῶν ἐν Μακεδονίᾳ.

Αἱ δηλώσεις αὐταὶ τοῦ Γάλλου πρεσβευτοῦ, διατυπούμεναι ὑπὸ τὸ αὐτὸ πνεῦμα καὶ τὴν ἐπαύριον τῶν ἐπὶ τοῦ αὐτοῦ ζητήματος δηλώσεων τοῦ Ρώσου πρεσβευτοῦ κ. Ζηνόβιεφ, παράγουσι μεγάλην ἐντύπωσιν εἰς τοὺς πολιτικοὺς κύκλους καὶ θεωροῦνται ὡς ἀποδείξεις τῆς πλήρους συμφωνίας Ρωσίας καὶ Γαλλίας ἐπὶ τοῦ Μακεδονικοῦ ζητήματος.

Δ. Κ.
Η ΡΩΣΙΚΗ ΠΟΛΙΤΙΚΗ
ΚΑΙ Η ΒΟΥΛΓΑΡΙΑ
ΙΔΙΑΙΤΕΡΟΝ ΤΗΛΕΓΡ. ΤΟΥ «ΕΜΠΡΟΣ» ΤΟΥ ΣΥΝΤΑΚΤΟΥ ΜΑΣ

ΒΙΕΝΝΗ, Κυριακή, μεσονύκτιον. — Ἀγγέλλεται ἐκ Βουκουρεστίου, ὅτι πολλὰ ὄργανα τοῦ ρουμανικοῦ τύπου ἀναγράφουσι περὶ τῆς ἐνεργείας τοῦ βουλγαρικοῦ Κομιτάτου, ὅτι ὁ δραστηριότης αὐτῶν, ὅτι ὑπὸ ἐπισημότερον ἐκ τῆς μεταπολιτευτικῆς τῆς Ρωσίας ἀπέναντι τῆς Βουλγαρίας ὑπέστη μεγάλην μεταβολήν.

Σχετικῶς μὲ τὴν μεταβολὴν τῆς ρωσικῆς πολιτικῆς ἀναφέρονται αἱ τελευταῖαι δηλώσεις τοῦ ἐν Κ/πόλει Ρώσου πρεσβευτοῦ κ. Ζηνόβιεφ περὶ τῆς Μακεδονίας.

Δ. Κ.
Ο ΒΟΡΙΣ
ΤΗΣ ΒΟΥΛΓΑΡΙΑΣ
ΕΙΣ ΚΙΝΔΥΝΟΝ
ΙΔΙΑΙΤΕΡΟΝ ΤΗΛΕΓΡ. ΤΟΥ «ΕΜΠΡΟΣ» ΤΟΥ ΣΥΝΤΑΚΤΟΥ ΜΑΣ

ΒΙΕΝΝΗ, Κυριακή, μεσονύκτιον. — Παρ᾽ ὅλην τὴν ἐξαιρετικὴν παρατηρηθεῖσαν μικρὰν βελτίωσιν εἰς τὴν κατάστασιν τοῦ πρίγκηπος, ὁ ὁποῖος τοῦ Βουλγάρου ἡγεμονόπαιδος, ἡ νόσος ἐξήρθη πάλιν ἐπὶ τὰ χείρω.

Αἱ τελευταῖαι τηλεγραφικαὶ εἰδήσεις ἐκ Φιλιππουπόλεως
